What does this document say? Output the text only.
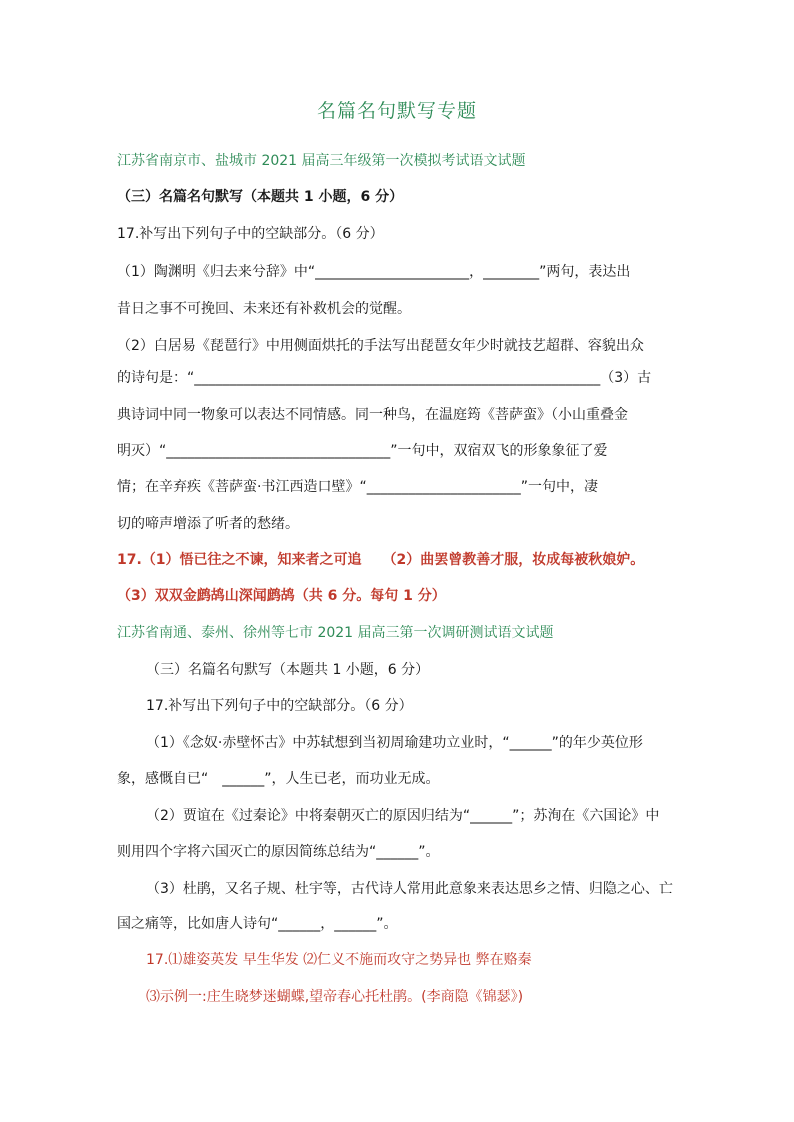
名篇名句默写专题
江苏省南京市、盐城市 2021 届高三年级第一次模拟考试语文试题
（三）名篇名句默写（本题共 1 小题，6 分）
17.补写出下列句子中的空缺部分。（6 分）
（1）陶渊明《归去来兮辞》中“______________________，________”两句，表达出
昔日之事不可挽回、未来还有补救机会的觉醒。
（2）白居易《琵琶行》中用侧面烘托的手法写出琵琶女年少时就技艺超群、容貌出众
的诗句是：“__________________________________________________________（3）古
典诗词中同一物象可以表达不同情感。同一种鸟，在温庭筠《菩萨蛮》（小山重叠金
明灭）“________________________________”一句中，双宿双飞的形象象征了爱
情；在辛弃疾《菩萨蛮·书江西造口壁》“______________________”一句中，凄
切的啼声增添了听者的愁绪。
17.（1）悟已往之不谏，知来者之可追　　（2）曲罢曾教善才服，妆成每被秋娘妒。
（3）双双金鹧鸪山深闻鹧鸪（共 6 分。每句 1 分）
江苏省南通、泰州、徐州等七市 2021 届高三第一次调研测试语文试题
（三）名篇名句默写（本题共 1 小题，6 分）
17.补写出下列句子中的空缺部分。（6 分）
（1）《念奴·赤壁怀古》中苏轼想到当初周瑜建功立业时，“______”的年少英位形
象，感慨自已“　______”，人生已老，而功业无成。
（2）贾谊在《过秦论》中将秦朝灭亡的原因归结为“______”；苏洵在《六国论》中
则用四个字将六国灭亡的原因简练总结为“______”。
（3）杜鹃，又名子规、杜宇等，古代诗人常用此意象来表达思乡之情、归隐之心、亡
国之痛等，比如唐人诗句“______，______”。
17.⑴雄姿英发 早生华发 ⑵仁义不施而攻守之势异也 弊在赂秦
⑶示例一:庄生晓梦迷蝴蝶,望帝春心托杜鹃。(李商隐《锦瑟》)
